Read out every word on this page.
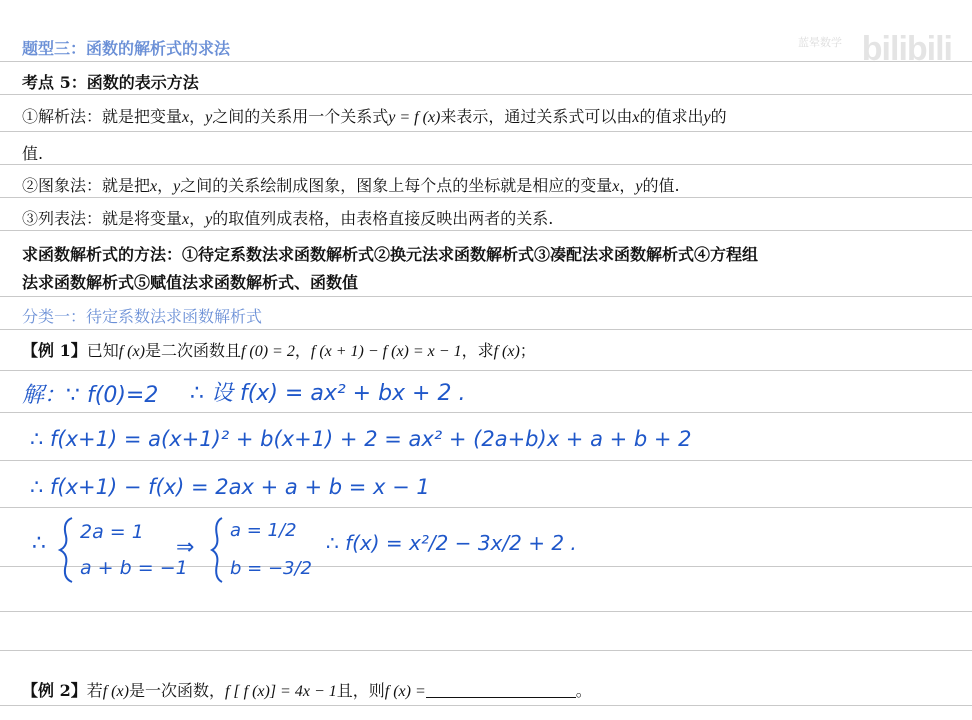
蓝晕数学 bilibili
题型三：函数的解析式的求法
考点 5：函数的表示方法
①解析法：就是把变量x，y之间的关系用一个关系式y = f (x)来表示，通过关系式可以由x的值求出y的
值.
②图象法：就是把x，y之间的关系绘制成图象，图象上每个点的坐标就是相应的变量x，y的值.
③列表法：就是将变量x，y的取值列成表格，由表格直接反映出两者的关系.
求函数解析式的方法：①待定系数法求函数解析式②换元法求函数解析式③凑配法求函数解析式④方程组
法求函数解析式⑤赋值法求函数解析式、函数值
分类一：待定系数法求函数解析式
【例 1】已知f (x)是二次函数且f (0) = 2，f (x + 1) − f (x) = x − 1，求f (x)；
解：∵ f(0)=2 ∴ 设 f(x) = ax² + bx + 2 .
∴ f(x+1) = a(x+1)² + b(x+1) + 2 = ax² + (2a+b)x + a + b + 2
∴ f(x+1) − f(x) = 2ax + a + b = x − 1
∴ 2a = 1
a + b = −1
⇒
a = 1/2
b = −3/2
∴ f(x) = x²/2 − 3x/2 + 2 .
【例 2】若f (x)是一次函数，f [ f (x)] = 4x − 1且，则f (x) =	。
